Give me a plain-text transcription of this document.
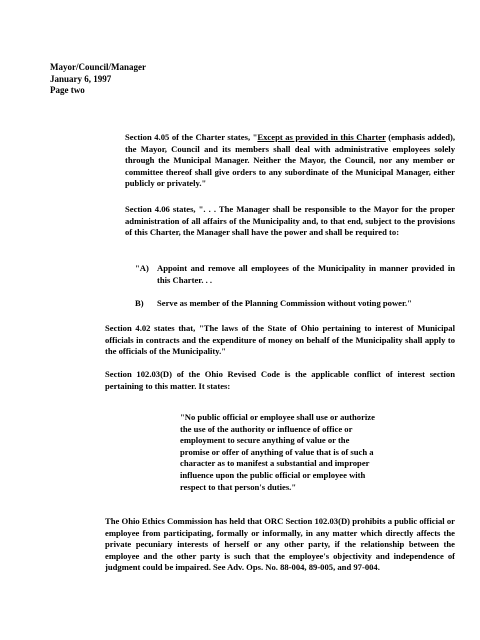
Mayor/Council/Manager
January 6, 1997
Page two

Section 4.05 of the Charter states, "Except as provided in this Charter (emphasis added), the Mayor, Council and its members shall deal with administrative employees solely through the Municipal Manager. Neither the Mayor, the Council, nor any member or committee thereof shall give orders to any subordinate of the Municipal Manager, either publicly or privately."

Section 4.06 states, ". . . The Manager shall be responsible to the Mayor for the proper administration of all affairs of the Municipality and, to that end, subject to the provisions of this Charter, the Manager shall have the power and shall be required to:

"A) Appoint and remove all employees of the Municipality in manner provided in this Charter. . .
B)	Serve as member of the Planning Commission without voting power."

Section 4.02 states that, "The laws of the State of Ohio pertaining to interest of Municipal officials in contracts and the expenditure of money on behalf of the Municipality shall apply to the officials of the Municipality."

Section 102.03(D) of the Ohio Revised Code is the applicable conflict of interest section pertaining to this matter. It states:

"No public official or employee shall use or authorize the use of the authority or influence of office or employment to secure anything of value or the promise or offer of anything of value that is of such a character as to manifest a substantial and improper influence upon the public official or employee with respect to that person's duties."

The Ohio Ethics Commission has held that ORC Section 102.03(D) prohibits a public official or employee from participating, formally or informally, in any matter which directly affects the private pecuniary interests of herself or any other party, if the relationship between the employee and the other party is such that the employee's objectivity and independence of judgment could be impaired. See Adv. Ops. No. 88-004, 89-005, and 97-004.
